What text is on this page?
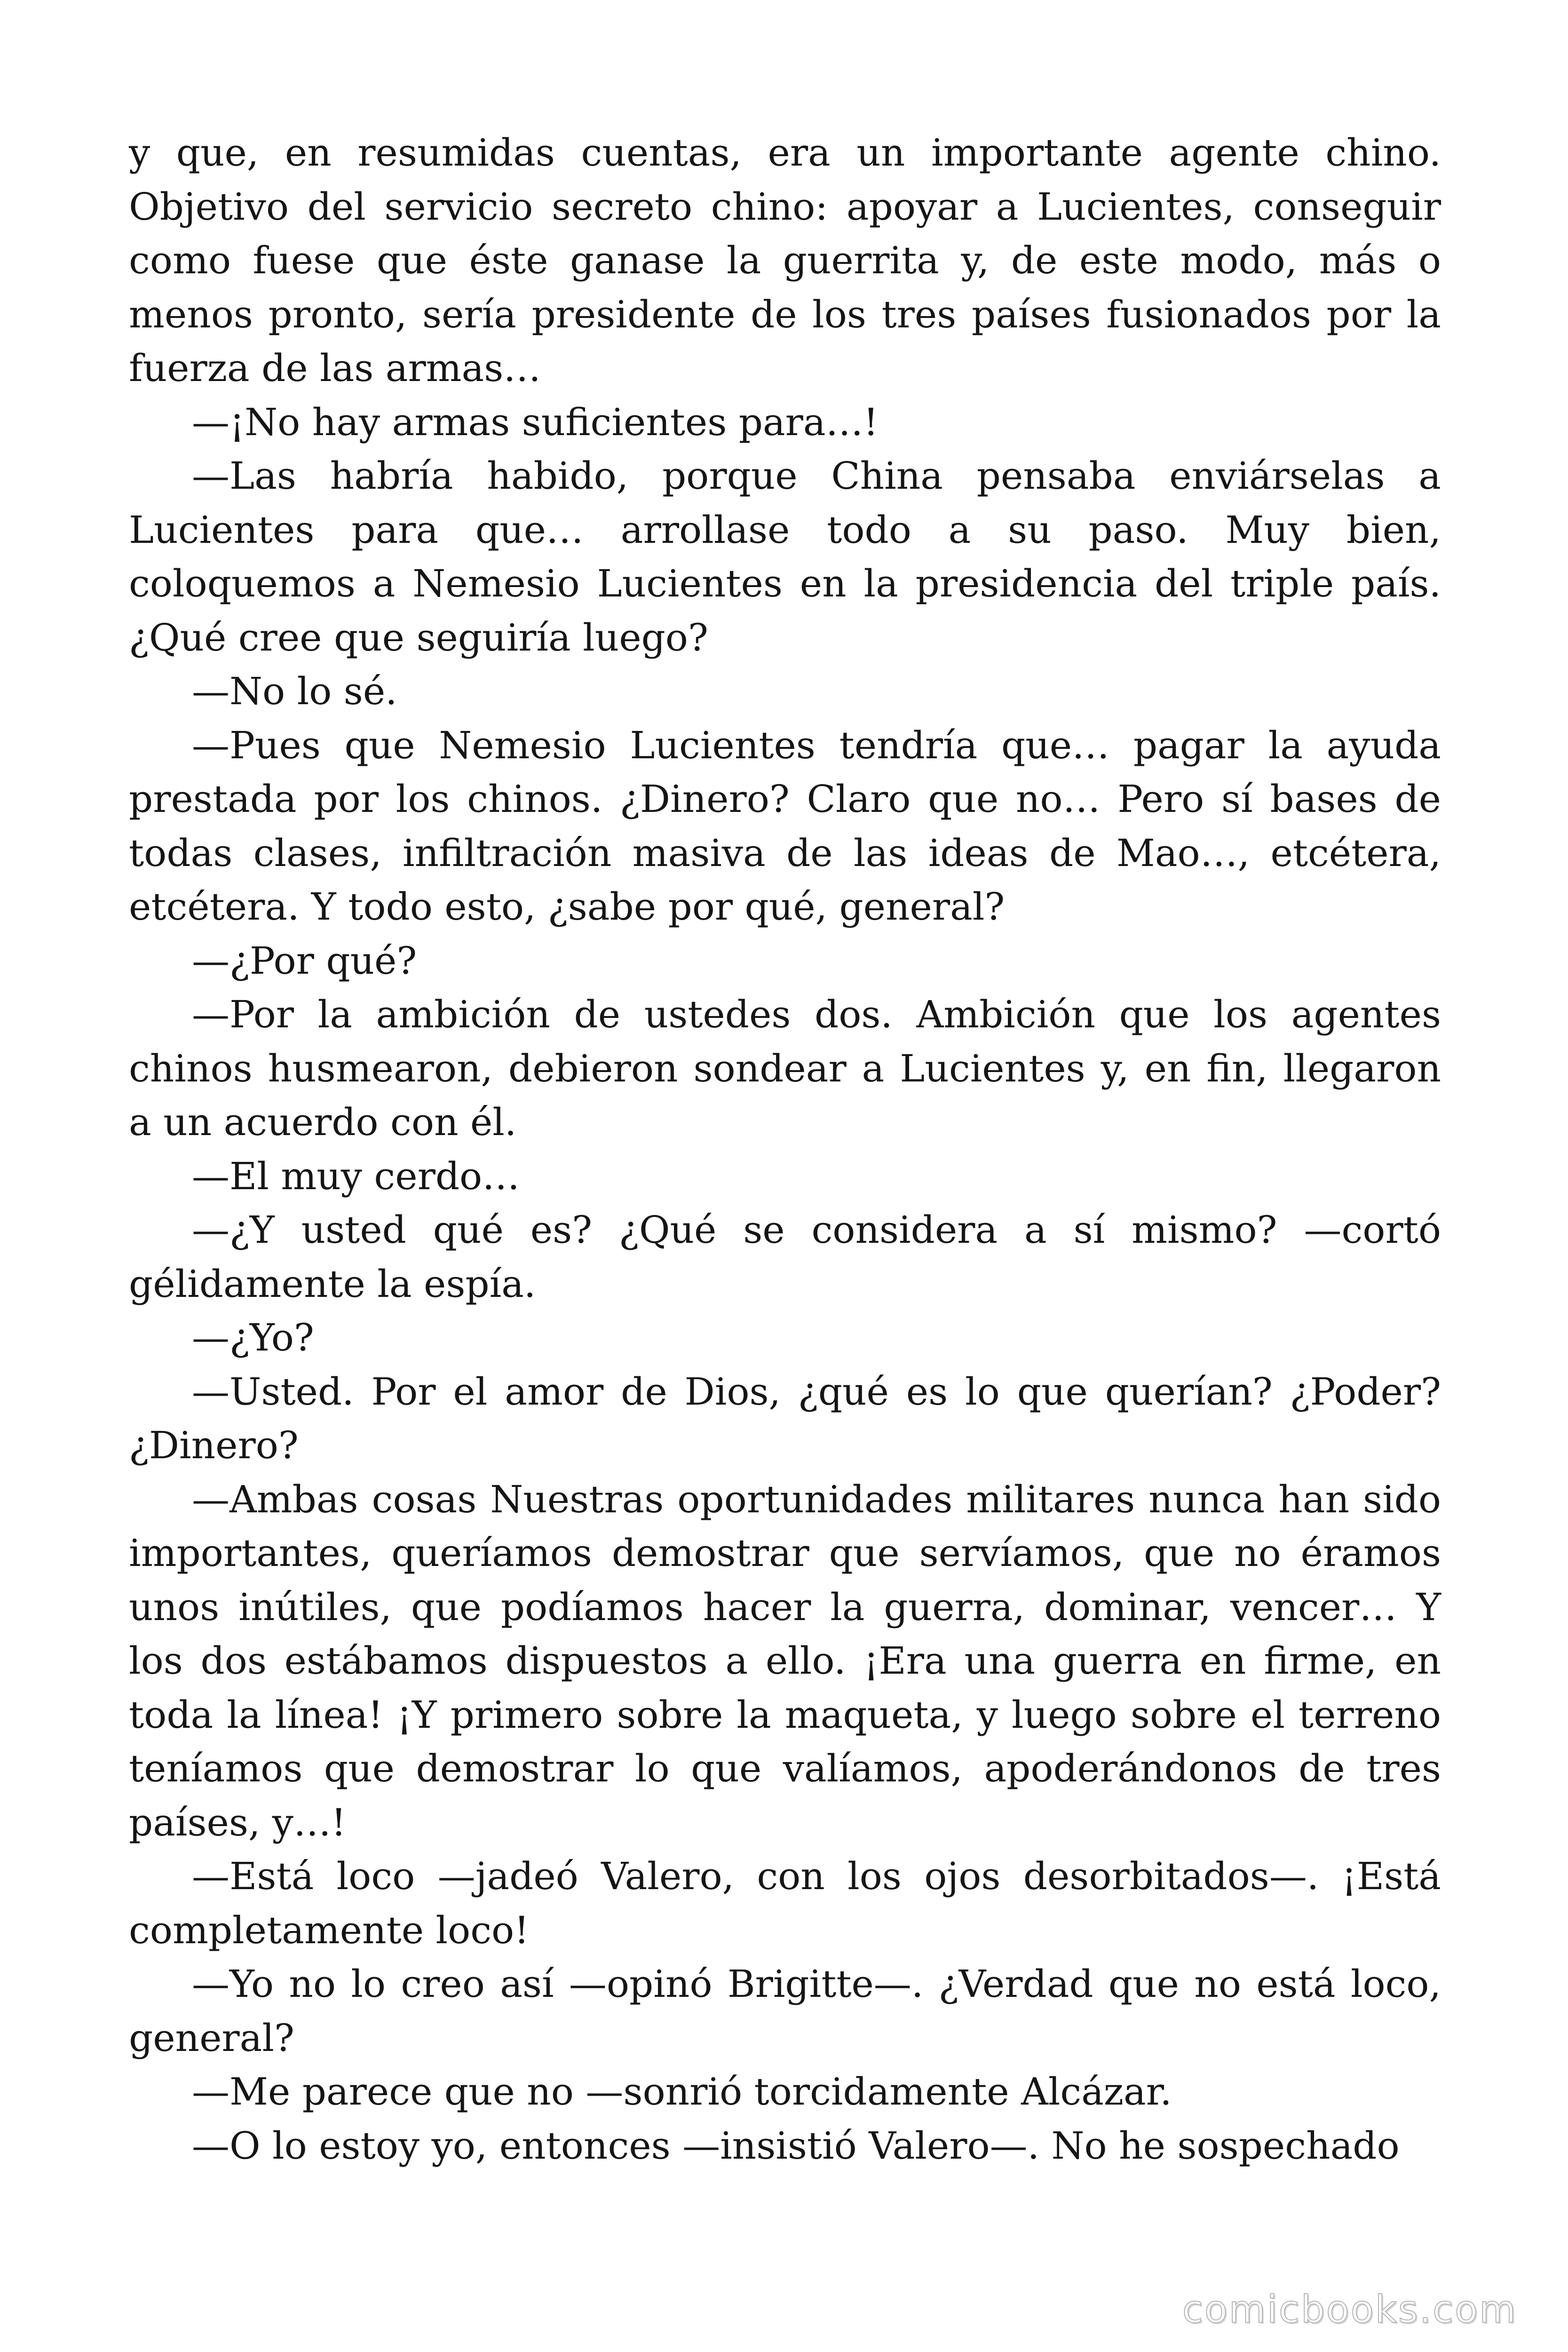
y que, en resumidas cuentas, era un importante agente chino. Objetivo del servicio secreto chino: apoyar a Lucientes, conseguir como fuese que éste ganase la guerrita y, de este modo, más o menos pronto, sería presidente de los tres países fusionados por la fuerza de las armas…

—¡No hay armas suficientes para…!

—Las habría habido, porque China pensaba enviárselas a Lucientes para que… arrollase todo a su paso. Muy bien, coloquemos a Nemesio Lucientes en la presidencia del triple país. ¿Qué cree que seguiría luego?

—No lo sé.

—Pues que Nemesio Lucientes tendría que… pagar la ayuda prestada por los chinos. ¿Dinero? Claro que no… Pero sí bases de todas clases, infiltración masiva de las ideas de Mao…, etcétera, etcétera. Y todo esto, ¿sabe por qué, general?

—¿Por qué?

—Por la ambición de ustedes dos. Ambición que los agentes chinos husmearon, debieron sondear a Lucientes y, en fin, llegaron a un acuerdo con él.

—El muy cerdo…

—¿Y usted qué es? ¿Qué se considera a sí mismo? —cortó gélidamente la espía.

—¿Yo?

—Usted. Por el amor de Dios, ¿qué es lo que querían? ¿Poder? ¿Dinero?

—Ambas cosas Nuestras oportunidades militares nunca han sido importantes, queríamos demostrar que servíamos, que no éramos unos inútiles, que podíamos hacer la guerra, dominar, vencer… Y los dos estábamos dispuestos a ello. ¡Era una guerra en firme, en toda la línea! ¡Y primero sobre la maqueta, y luego sobre el terreno teníamos que demostrar lo que valíamos, apoderándonos de tres países, y…!

—Está loco —jadeó Valero, con los ojos desorbitados—. ¡Está completamente loco!

—Yo no lo creo así —opinó Brigitte—. ¿Verdad que no está loco, general?

—Me parece que no —sonrió torcidamente Alcázar.

—O lo estoy yo, entonces —insistió Valero—. No he sospechado

comicbooks.com
